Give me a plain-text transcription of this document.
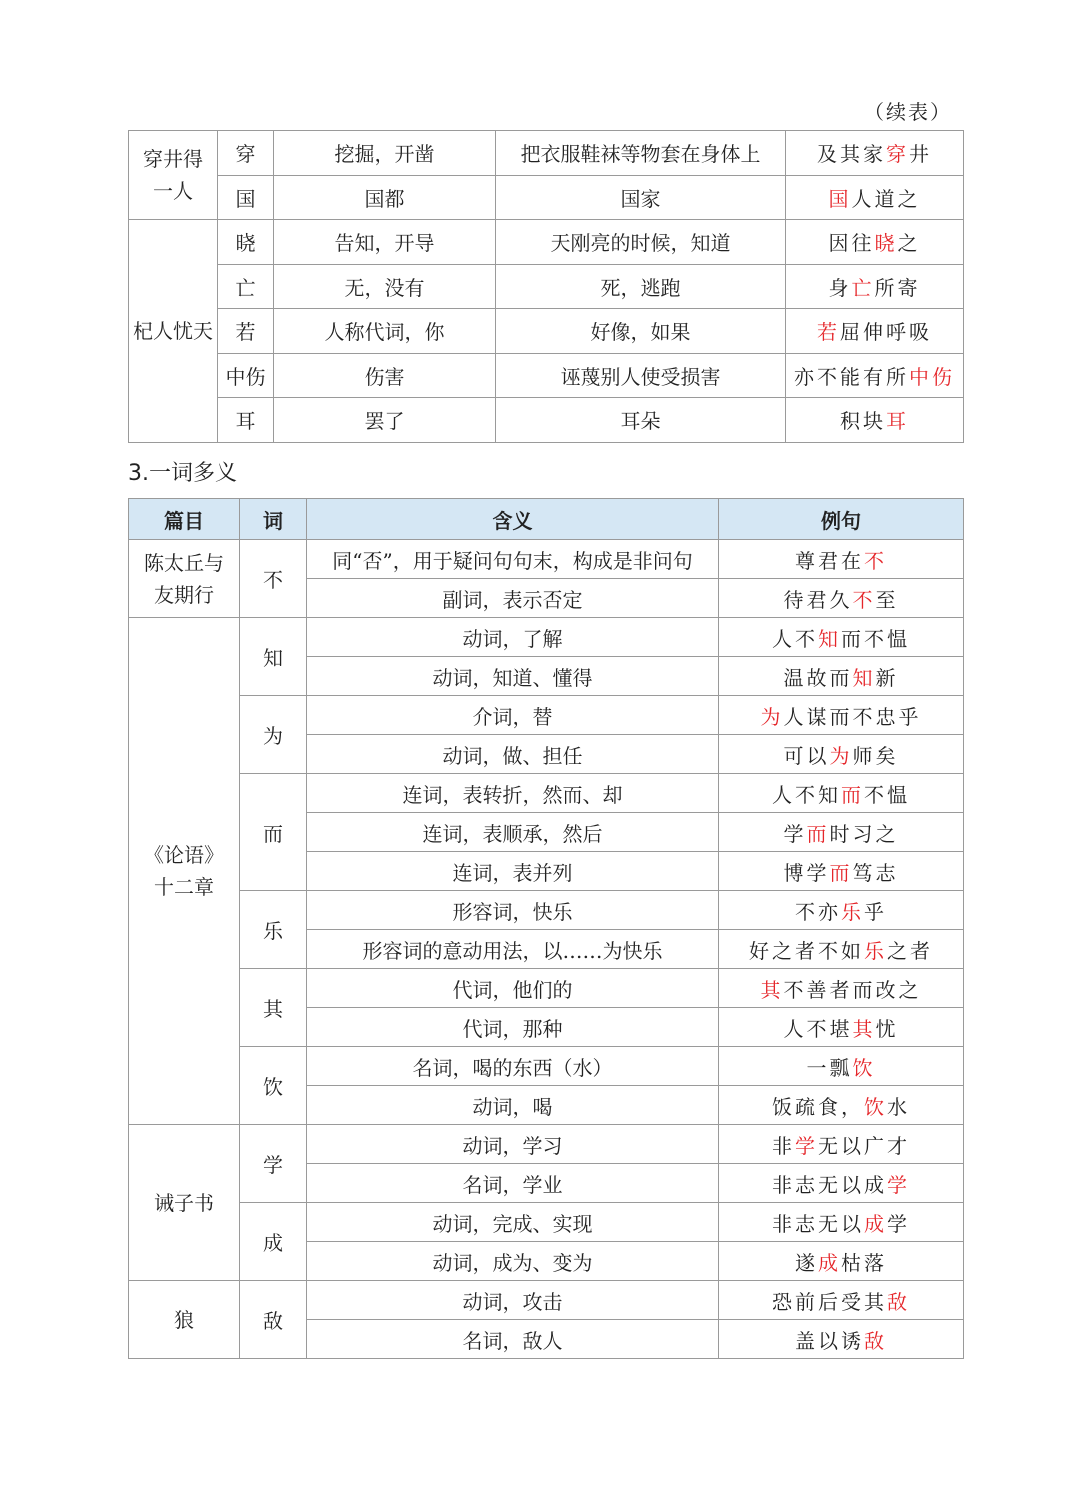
（续表）
穿井得
一人	穿	挖掘，开凿	把衣服鞋袜等物套在身体上	及其家穿井
	国	国都	国家	国人道之

杞人忧天	晓	告知，开导	天刚亮的时候，知道	因往晓之
	亡	无，没有	死，逃跑	身亡所寄
	若	人称代词，你	好像，如果	若屈伸呼吸
	中伤	伤害	诬蔑别人使受损害	亦不能有所中伤
	耳	罢了	耳朵	积块耳
3.一词多义
篇目	词	含义	例句

陈太丘与
友期行	不	同“否”，用于疑问句句末，构成是非问句	尊君在不
		副词，表示否定	待君久不至

《论语》
十二章	知	动词，了解	人不知而不愠
		动词，知道、懂得	温故而知新
	为	介词，替	为人谋而不忠乎
		动词，做、担任	可以为师矣
	而	连词，表转折，然而、却	人不知而不愠
		连词，表顺承，然后	学而时习之
		连词，表并列	博学而笃志
	乐	形容词，快乐	不亦乐乎
		形容词的意动用法，以……为快乐	好之者不如乐之者
	其	代词，他们的	其不善者而改之
		代词，那种	人不堪其忧
	饮	名词，喝的东西（水）	一瓢饮
		动词，喝	饭疏食，饮水

诫子书	学	动词，学习	非学无以广才
		名词，学业	非志无以成学
	成	动词，完成、实现	非志无以成学
		动词，成为、变为	遂成枯落

狼	敌	动词，攻击	恐前后受其敌
		名词，敌人	盖以诱敌
